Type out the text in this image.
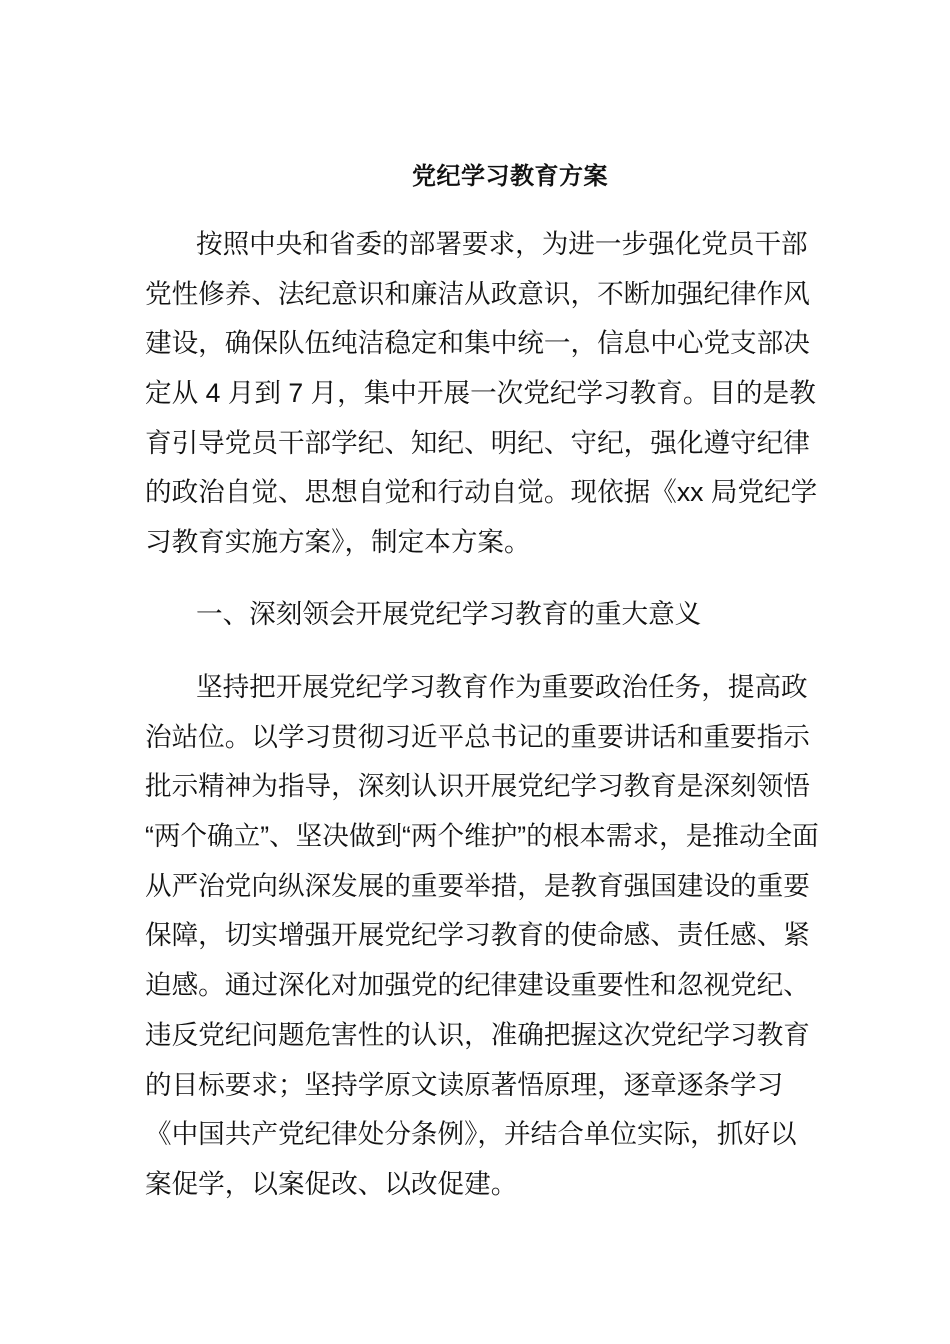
党纪学习教育方案
按照中央和省委的部署要求，为进一步强化党员干部
党性修养、法纪意识和廉洁从政意识，不断加强纪律作风
建设，确保队伍纯洁稳定和集中统一，信息中心党支部决
定从 4 月到 7 月，集中开展一次党纪学习教育。目的是教
育引导党员干部学纪、知纪、明纪、守纪，强化遵守纪律
的政治自觉、思想自觉和行动自觉。现依据《xx 局党纪学
习教育实施方案》，制定本方案。
一、深刻领会开展党纪学习教育的重大意义
坚持把开展党纪学习教育作为重要政治任务，提高政
治站位。以学习贯彻习近平总书记的重要讲话和重要指示
批示精神为指导，深刻认识开展党纪学习教育是深刻领悟
“两个确立”、坚决做到“两个维护”的根本需求，是推动全面
从严治党向纵深发展的重要举措，是教育强国建设的重要
保障，切实增强开展党纪学习教育的使命感、责任感、紧
迫感。通过深化对加强党的纪律建设重要性和忽视党纪、
违反党纪问题危害性的认识，准确把握这次党纪学习教育
的目标要求；坚持学原文读原著悟原理，逐章逐条学习
《中国共产党纪律处分条例》，并结合单位实际，抓好以
案促学，以案促改、以改促建。
